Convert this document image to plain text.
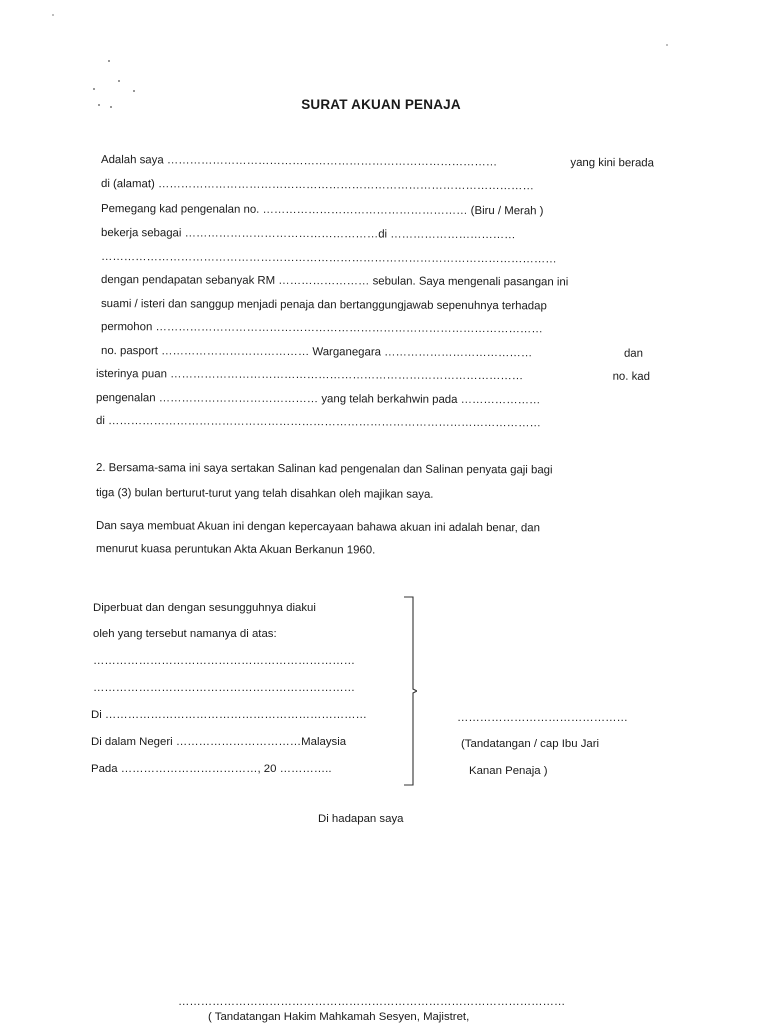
SURAT AKUAN PENAJA
Adalah saya ……………………………………………………………………………	yang kini berada
di (alamat) ………………………………………………………………………………………
Pemegang kad pengenalan no. ……………………………………………… (Biru / Merah )
bekerja sebagai ……………………………………………di ……………………………
…………………………………………………………………………………………………………
dengan pendapatan sebanyak RM …………………… sebulan. Saya mengenali pasangan ini
suami / isteri dan sanggup menjadi penaja dan bertanggungjawab sepenuhnya terhadap
permohon …………………………………………………………………………………………
no. pasport ………………………………… Warganegara …………………………………	dan
isterinya puan …………………………………………………………………………………	no. kad
pengenalan …………………………………… yang telah berkahwin pada …………………
di ……………………………………………………………………………………………………
2. Bersama-sama ini saya sertakan Salinan kad pengenalan dan Salinan penyata gaji bagi
tiga (3) bulan berturut-turut yang telah disahkan oleh majikan saya.
Dan saya membuat Akuan ini dengan kepercayaan bahawa akuan ini adalah benar, dan
menurut kuasa peruntukan Akta Akuan Berkanun 1960.
Diperbuat dan dengan sesungguhnya diakui
oleh yang tersebut namanya di atas:
……………………………………………………………
……………………………………………………………
Di ……………………………………………………………
Di dalam Negeri ……………………………Malaysia
Pada ………………………………, 20 …………..
………………………………………
(Tandatangan / cap Ibu Jari
Kanan Penaja )
Di hadapan saya
…………………………………………………………………………………………
( Tandatangan Hakim Mahkamah Sesyen, Majistret,
